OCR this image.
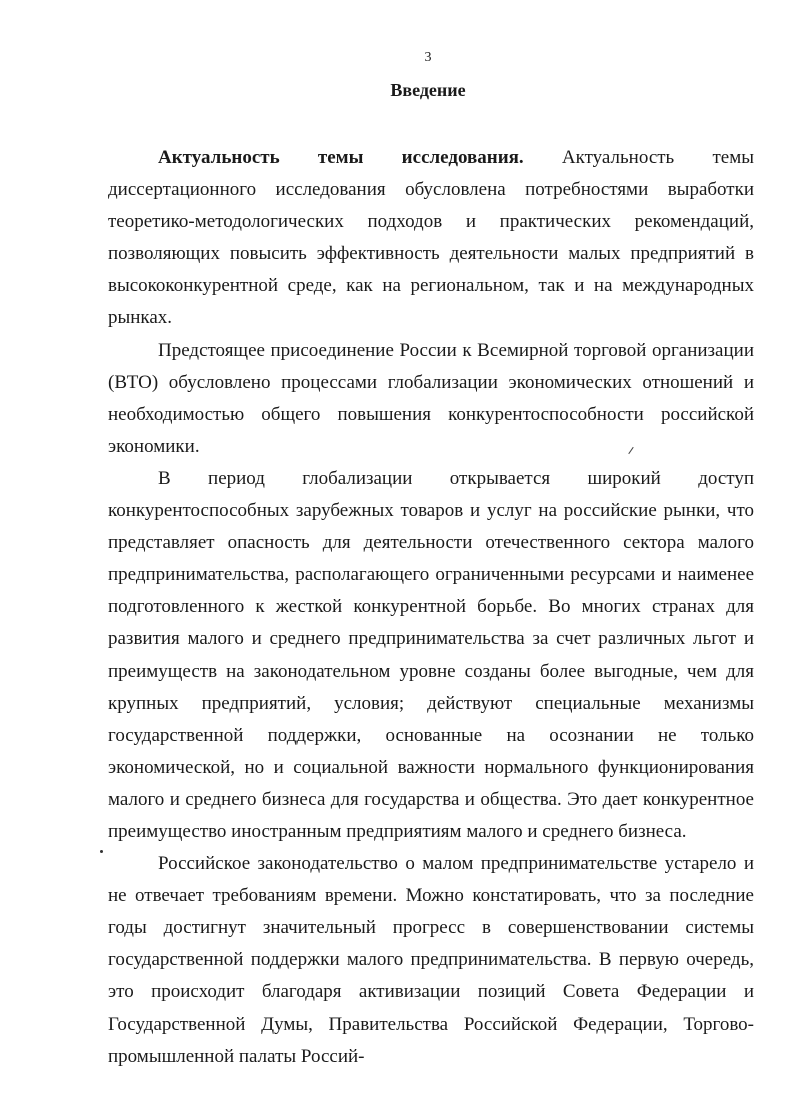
3
Введение

Актуальность темы исследования. Актуальность темы диссертационного исследования обусловлена потребностями выработки теоретико-методологических подходов и практических рекомендаций, позволяющих повысить эффективность деятельности малых предприятий в высококонкурентной среде, как на региональном, так и на международных рынках.

Предстоящее присоединение России к Всемирной торговой организации (ВТО) обусловлено процессами глобализации экономических отношений и необходимостью общего повышения конкурентоспособности российской экономики.

В период глобализации открывается широкий доступ конкурентоспособных зарубежных товаров и услуг на российские рынки, что представляет опасность для деятельности отечественного сектора малого предпринимательства, располагающего ограниченными ресурсами и наименее подготовленного к жесткой конкурентной борьбе. Во многих странах для развития малого и среднего предпринимательства за счет различных льгот и преимуществ на законодательном уровне созданы более выгодные, чем для крупных предприятий, условия; действуют специальные механизмы государственной поддержки, основанные на осознании не только экономической, но и социальной важности нормального функционирования малого и среднего бизнеса для государства и общества. Это дает конкурентное преимущество иностранным предприятиям малого и среднего бизнеса.

Российское законодательство о малом предпринимательстве устарело и не отвечает требованиям времени. Можно констатировать, что за последние годы достигнут значительный прогресс в совершенствовании системы государственной поддержки малого предпринимательства. В первую очередь, это происходит благодаря активизации позиций Совета Федерации и Государственной Думы, Правительства Российской Федерации, Торгово-промышленной палаты Россий-
